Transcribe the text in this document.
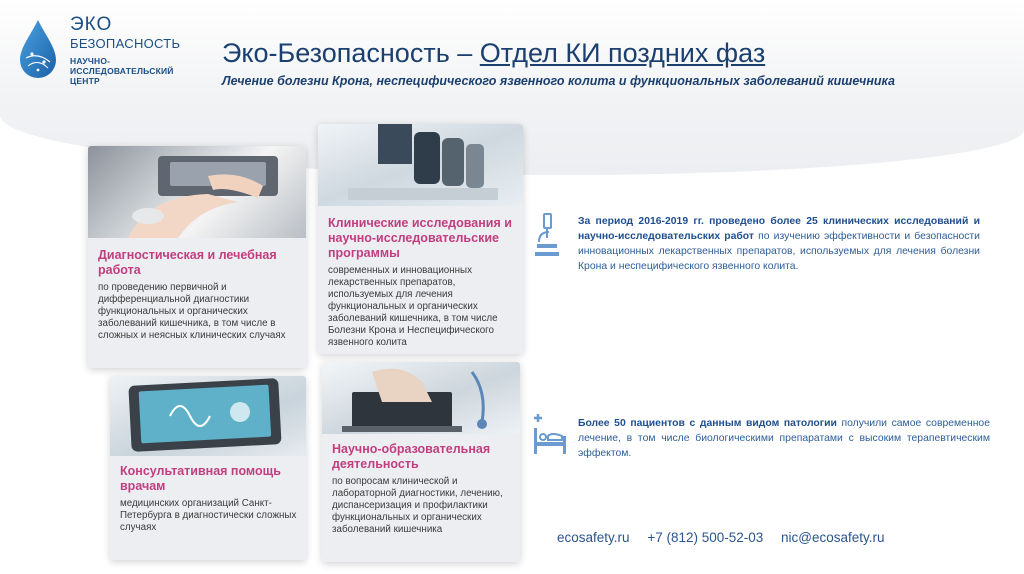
ЭКО
БЕЗОПАСНОСТЬ
НАУЧНО-
ИССЛЕДОВАТЕЛЬСКИЙ
ЦЕНТР
Эко-Безопасность – Отдел КИ поздних фаз
Лечение болезни Крона, неспецифического язвенного колита и функциональных заболеваний кишечника
Диагностическая и лечебная работа

по проведению первичной и дифференциальной диагностики функциональных и органических заболеваний кишечника, в том числе в сложных и неясных клинических случаях

Клинические исследования и научно-исследовательские программы

современных и инновационных лекарственных препаратов, используемых для лечения функциональных и органических заболеваний кишечника, в том числе Болезни Крона и Неспецифического язвенного колита

Консультативная помощь врачам

медицинских организаций Санкт-Петербурга в диагностически сложных случаях

Научно-образовательная деятельность

по вопросам клинической и лабораторной диагностики, лечению, диспансеризация и профилактики функциональных и органических заболеваний кишечника

За период 2016-2019 гг. проведено более 25 клинических исследований и научно-исследовательских работ по изучению эффективности и безопасности инновационных лекарственных препаратов, используемых для лечения болезни Крона и неспецифического язвенного колита.
Более 50 пациентов с данным видом патологии получили самое современное лечение, в том числе биологическими препаратами с высоким терапевтическим эффектом.
ecosafety.ru +7 (812) 500-52-03 nic@ecosafety.ru
